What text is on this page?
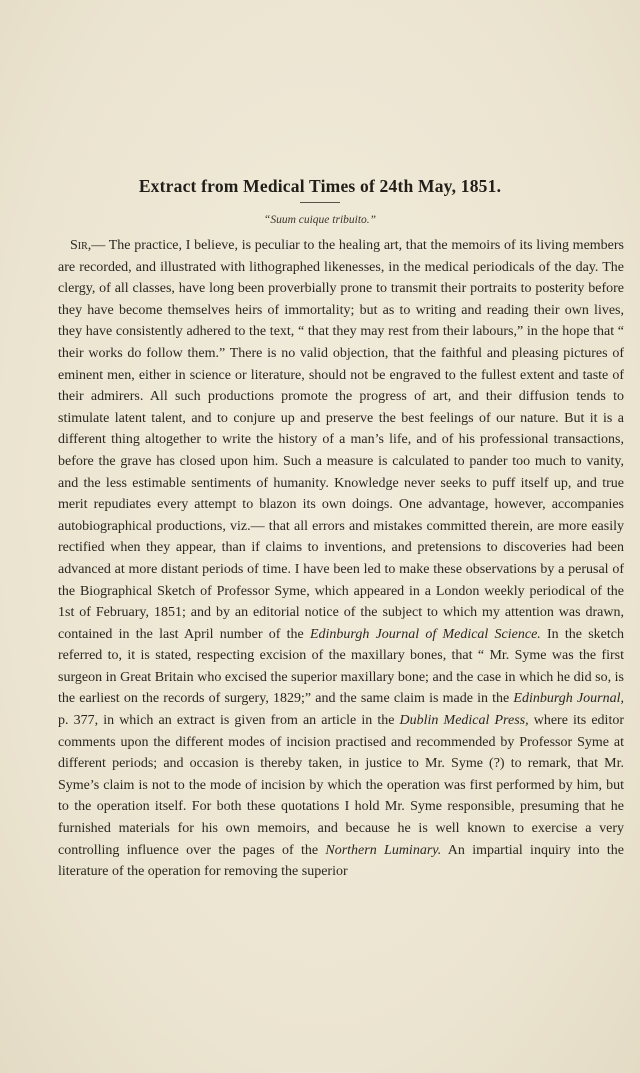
Extract from Medical Times of 24th May, 1851.

“Suum cuique tribuito.”

Sir,— The practice, I believe, is peculiar to the healing art, that the memoirs of its living members are recorded, and illustrated with lithographed likenesses, in the medical periodicals of the day. The clergy, of all classes, have long been proverbially prone to transmit their portraits to posterity before they have become themselves heirs of immortality; but as to writing and reading their own lives, they have consistently adhered to the text, “ that they may rest from their labours,” in the hope that “ their works do follow them.” There is no valid objection, that the faithful and pleasing pictures of eminent men, either in science or literature, should not be engraved to the fullest extent and taste of their admirers. All such productions promote the progress of art, and their diffusion tends to stimulate latent talent, and to conjure up and preserve the best feelings of our nature. But it is a different thing altogether to write the history of a man’s life, and of his professional transactions, before the grave has closed upon him. Such a measure is calculated to pander too much to vanity, and the less estimable sentiments of humanity. Knowledge never seeks to puff itself up, and true merit repudiates every attempt to blazon its own doings. One advantage, however, accompanies autobiographical productions, viz.— that all errors and mistakes committed therein, are more easily rectified when they appear, than if claims to inventions, and pretensions to discoveries had been advanced at more distant periods of time. I have been led to make these observations by a perusal of the Biographical Sketch of Professor Syme, which appeared in a London weekly periodical of the 1st of February, 1851; and by an editorial notice of the subject to which my attention was drawn, contained in the last April number of the Edinburgh Journal of Medical Science. In the sketch referred to, it is stated, respecting excision of the maxillary bones, that “ Mr. Syme was the first surgeon in Great Britain who excised the superior maxillary bone; and the case in which he did so, is the earliest on the records of surgery, 1829;” and the same claim is made in the Edinburgh Journal, p. 377, in which an extract is given from an article in the Dublin Medical Press, where its editor comments upon the different modes of incision practised and recommended by Professor Syme at different periods; and occasion is thereby taken, in justice to Mr. Syme (?) to remark, that Mr. Syme’s claim is not to the mode of incision by which the operation was first performed by him, but to the operation itself. For both these quotations I hold Mr. Syme responsible, presuming that he furnished materials for his own memoirs, and because he is well known to exercise a very controlling influence over the pages of the Northern Luminary. An impartial inquiry into the literature of the operation for removing the superior
